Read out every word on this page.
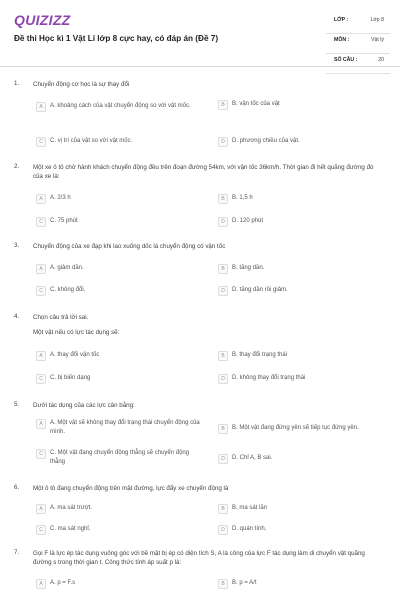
QUIZIZZ
Đề thi Học kì 1 Vật Lí lớp 8 cực hay, có đáp án (Đề 7)
LỚP :	Lớp 8
MÔN :	Vật lý
SỐ CÂU :	20
1. Chuyển động cơ học là sự thay đổi
A	A. khoảng cách của vật chuyển động so với vật mốc.	B	B. vận tốc của vật
C	C. vị trí của vật so với vật mốc.	D	D. phương chiều của vật.
2. Một xe ô tô chở hành khách chuyển động đều trên đoạn đường 54km, với vận tốc 36km/h. Thời gian đi hết quãng đường đó của xe là:
A	A. 2/3 h	B	B. 1,5 h
C	C. 75 phút	D	D. 120 phút
3. Chuyển động của xe đạp khi lao xuống dốc là chuyển động có vận tốc
A	A. giảm dần.	B	B. tăng dần.
C	C. không đổi.	D	D. tăng dần rồi giảm.
4. Chọn câu trả lời sai.
Một vật nếu có lực tác dụng sẽ:
A	A. thay đổi vận tốc	B	B. thay đổi trạng thái
C	C. bị biến dạng	D	D. không thay đổi trạng thái
5. Dưới tác dụng của các lực cân bằng:
A	A. Một vật sẽ không thay đổi trạng thái chuyển động của mình.	B	B. Một vật đang đứng yên sẽ tiếp tục đứng yên.
C	C. Một vật đang chuyển động thẳng sẽ chuyển động thẳng	D	D. Chỉ A, B sai.
6. Một ô tô đang chuyển động trên mặt đường, lực đẩy xe chuyển động là
A	A. ma sát trượt.	B	B. ma sát lăn
C	C. ma sát nghỉ.	D	D. quán tính.
7. Gọi F là lực ép tác dụng vuông góc với bề mặt bị ép có diện tích S, A là công của lực F tác dụng làm di chuyển vật quãng đường s trong thời gian t. Công thức tính áp suất p là:
A	A. p = F.s	B	B. p = A/t
